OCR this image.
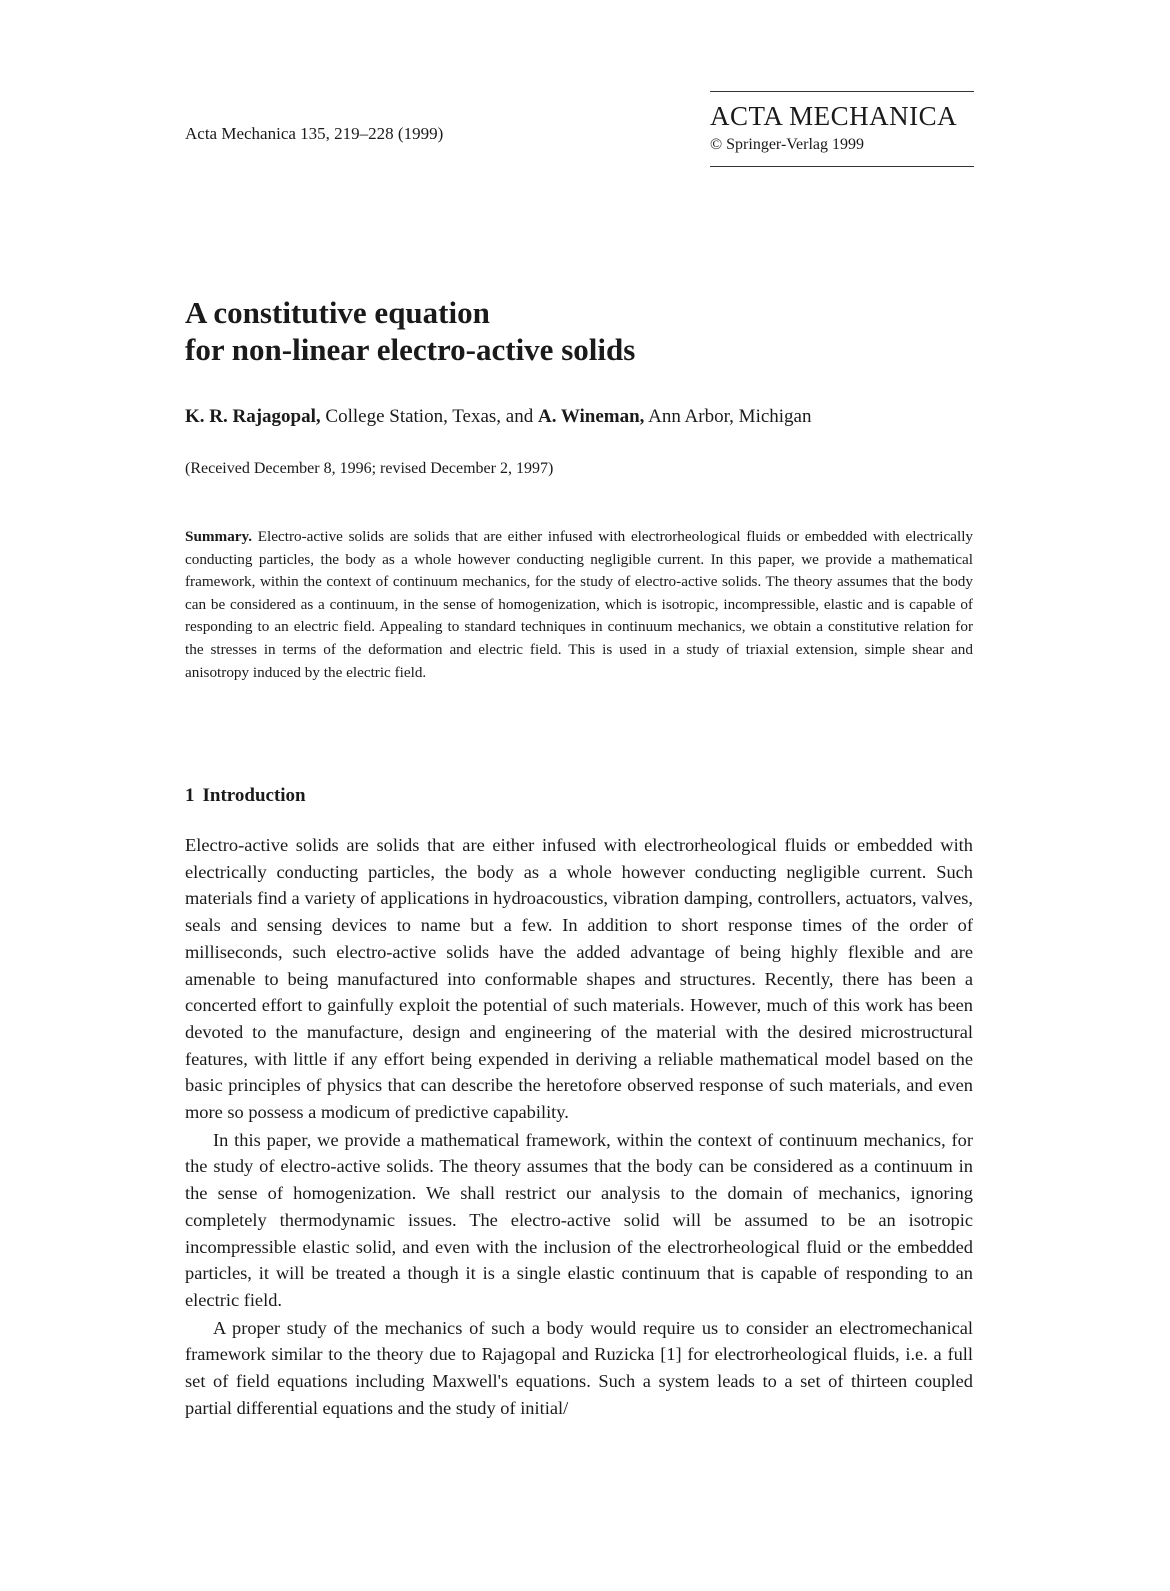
Acta Mechanica 135, 219–228 (1999)
ACTA MECHANICA
© Springer-Verlag 1999
A constitutive equation
for non-linear electro-active solids
K. R. Rajagopal, College Station, Texas, and A. Wineman, Ann Arbor, Michigan
(Received December 8, 1996; revised December 2, 1997)

Summary. Electro-active solids are solids that are either infused with electrorheological fluids or embedded with electrically conducting particles, the body as a whole however conducting negligible current. In this paper, we provide a mathematical framework, within the context of continuum mechanics, for the study of electro-active solids. The theory assumes that the body can be considered as a continuum, in the sense of homogenization, which is isotropic, incompressible, elastic and is capable of responding to an electric field. Appealing to standard techniques in continuum mechanics, we obtain a constitutive relation for the stresses in terms of the deformation and electric field. This is used in a study of triaxial extension, simple shear and anisotropy induced by the electric field.

1 Introduction

Electro-active solids are solids that are either infused with electrorheological fluids or embedded with electrically conducting particles, the body as a whole however conducting negligible current. Such materials find a variety of applications in hydroacoustics, vibration damping, controllers, actuators, valves, seals and sensing devices to name but a few. In addition to short response times of the order of milliseconds, such electro-active solids have the added advantage of being highly flexible and are amenable to being manufactured into conformable shapes and structures. Recently, there has been a concerted effort to gainfully exploit the potential of such materials. However, much of this work has been devoted to the manufacture, design and engineering of the material with the desired microstructural features, with little if any effort being expended in deriving a reliable mathematical model based on the basic principles of physics that can describe the heretofore observed response of such materials, and even more so possess a modicum of predictive capability.

In this paper, we provide a mathematical framework, within the context of continuum mechanics, for the study of electro-active solids. The theory assumes that the body can be considered as a continuum in the sense of homogenization. We shall restrict our analysis to the domain of mechanics, ignoring completely thermodynamic issues. The electro-active solid will be assumed to be an isotropic incompressible elastic solid, and even with the inclusion of the electrorheological fluid or the embedded particles, it will be treated a though it is a single elastic continuum that is capable of responding to an electric field.

A proper study of the mechanics of such a body would require us to consider an electromechanical framework similar to the theory due to Rajagopal and Ruzicka [1] for electrorheological fluids, i.e. a full set of field equations including Maxwell's equations. Such a system leads to a set of thirteen coupled partial differential equations and the study of initial/
